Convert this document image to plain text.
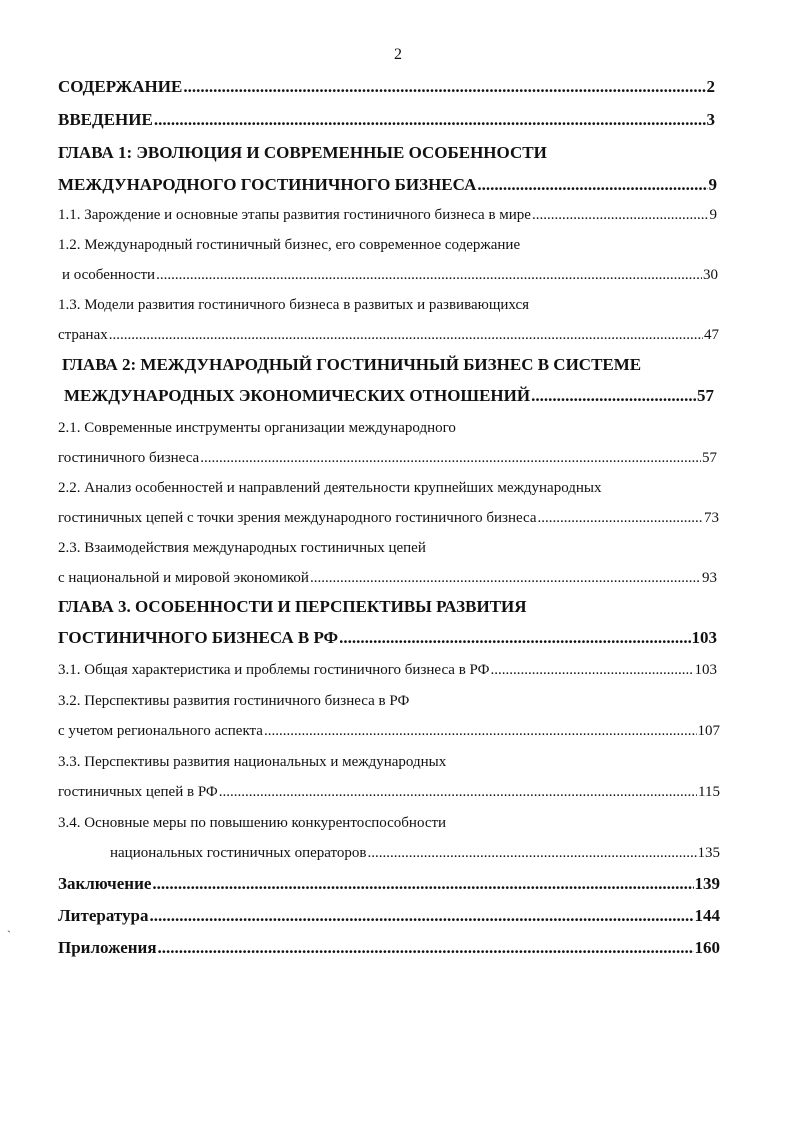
2
СОДЕРЖАНИЕ .....	2
ВВЕДЕНИЕ .....	3
ГЛАВА 1: ЭВОЛЮЦИЯ И СОВРЕМЕННЫЕ ОСОБЕННОСТИ
МЕЖДУНАРОДНОГО ГОСТИНИЧНОГО БИЗНЕСА .....	9
1.1. Зарождение и основные этапы развития гостиничного бизнеса в мире .....	9
1.2. Международный гостиничный бизнес, его современное содержание
и особенности .....	30
1.3. Модели развития гостиничного бизнеса в развитых и развивающихся
странах .....	47
ГЛАВА 2: МЕЖДУНАРОДНЫЙ ГОСТИНИЧНЫЙ БИЗНЕС В СИСТЕМЕ
МЕЖДУНАРОДНЫХ ЭКОНОМИЧЕСКИХ ОТНОШЕНИЙ .....	57
2.1. Современные инструменты организации международного
гостиничного бизнеса .....	57
2.2. Анализ особенностей и направлений деятельности крупнейших международных
гостиничных цепей с точки зрения международного гостиничного бизнеса .....	73
2.3. Взаимодействия международных гостиничных цепей
с национальной и мировой экономикой .....	93
ГЛАВА 3. ОСОБЕННОСТИ И ПЕРСПЕКТИВЫ РАЗВИТИЯ
ГОСТИНИЧНОГО БИЗНЕСА В РФ .....	103
3.1. Общая характеристика и проблемы гостиничного бизнеса в РФ .....	103
3.2. Перспективы развития гостиничного бизнеса в РФ
с учетом регионального аспекта .....	107
3.3. Перспективы развития национальных и международных
гостиничных цепей в РФ .....	115
3.4. Основные меры по повышению конкурентоспособности
национальных гостиничных операторов .....	135
Заключение .....	139
Литература .....	144
Приложения .....	160
`
